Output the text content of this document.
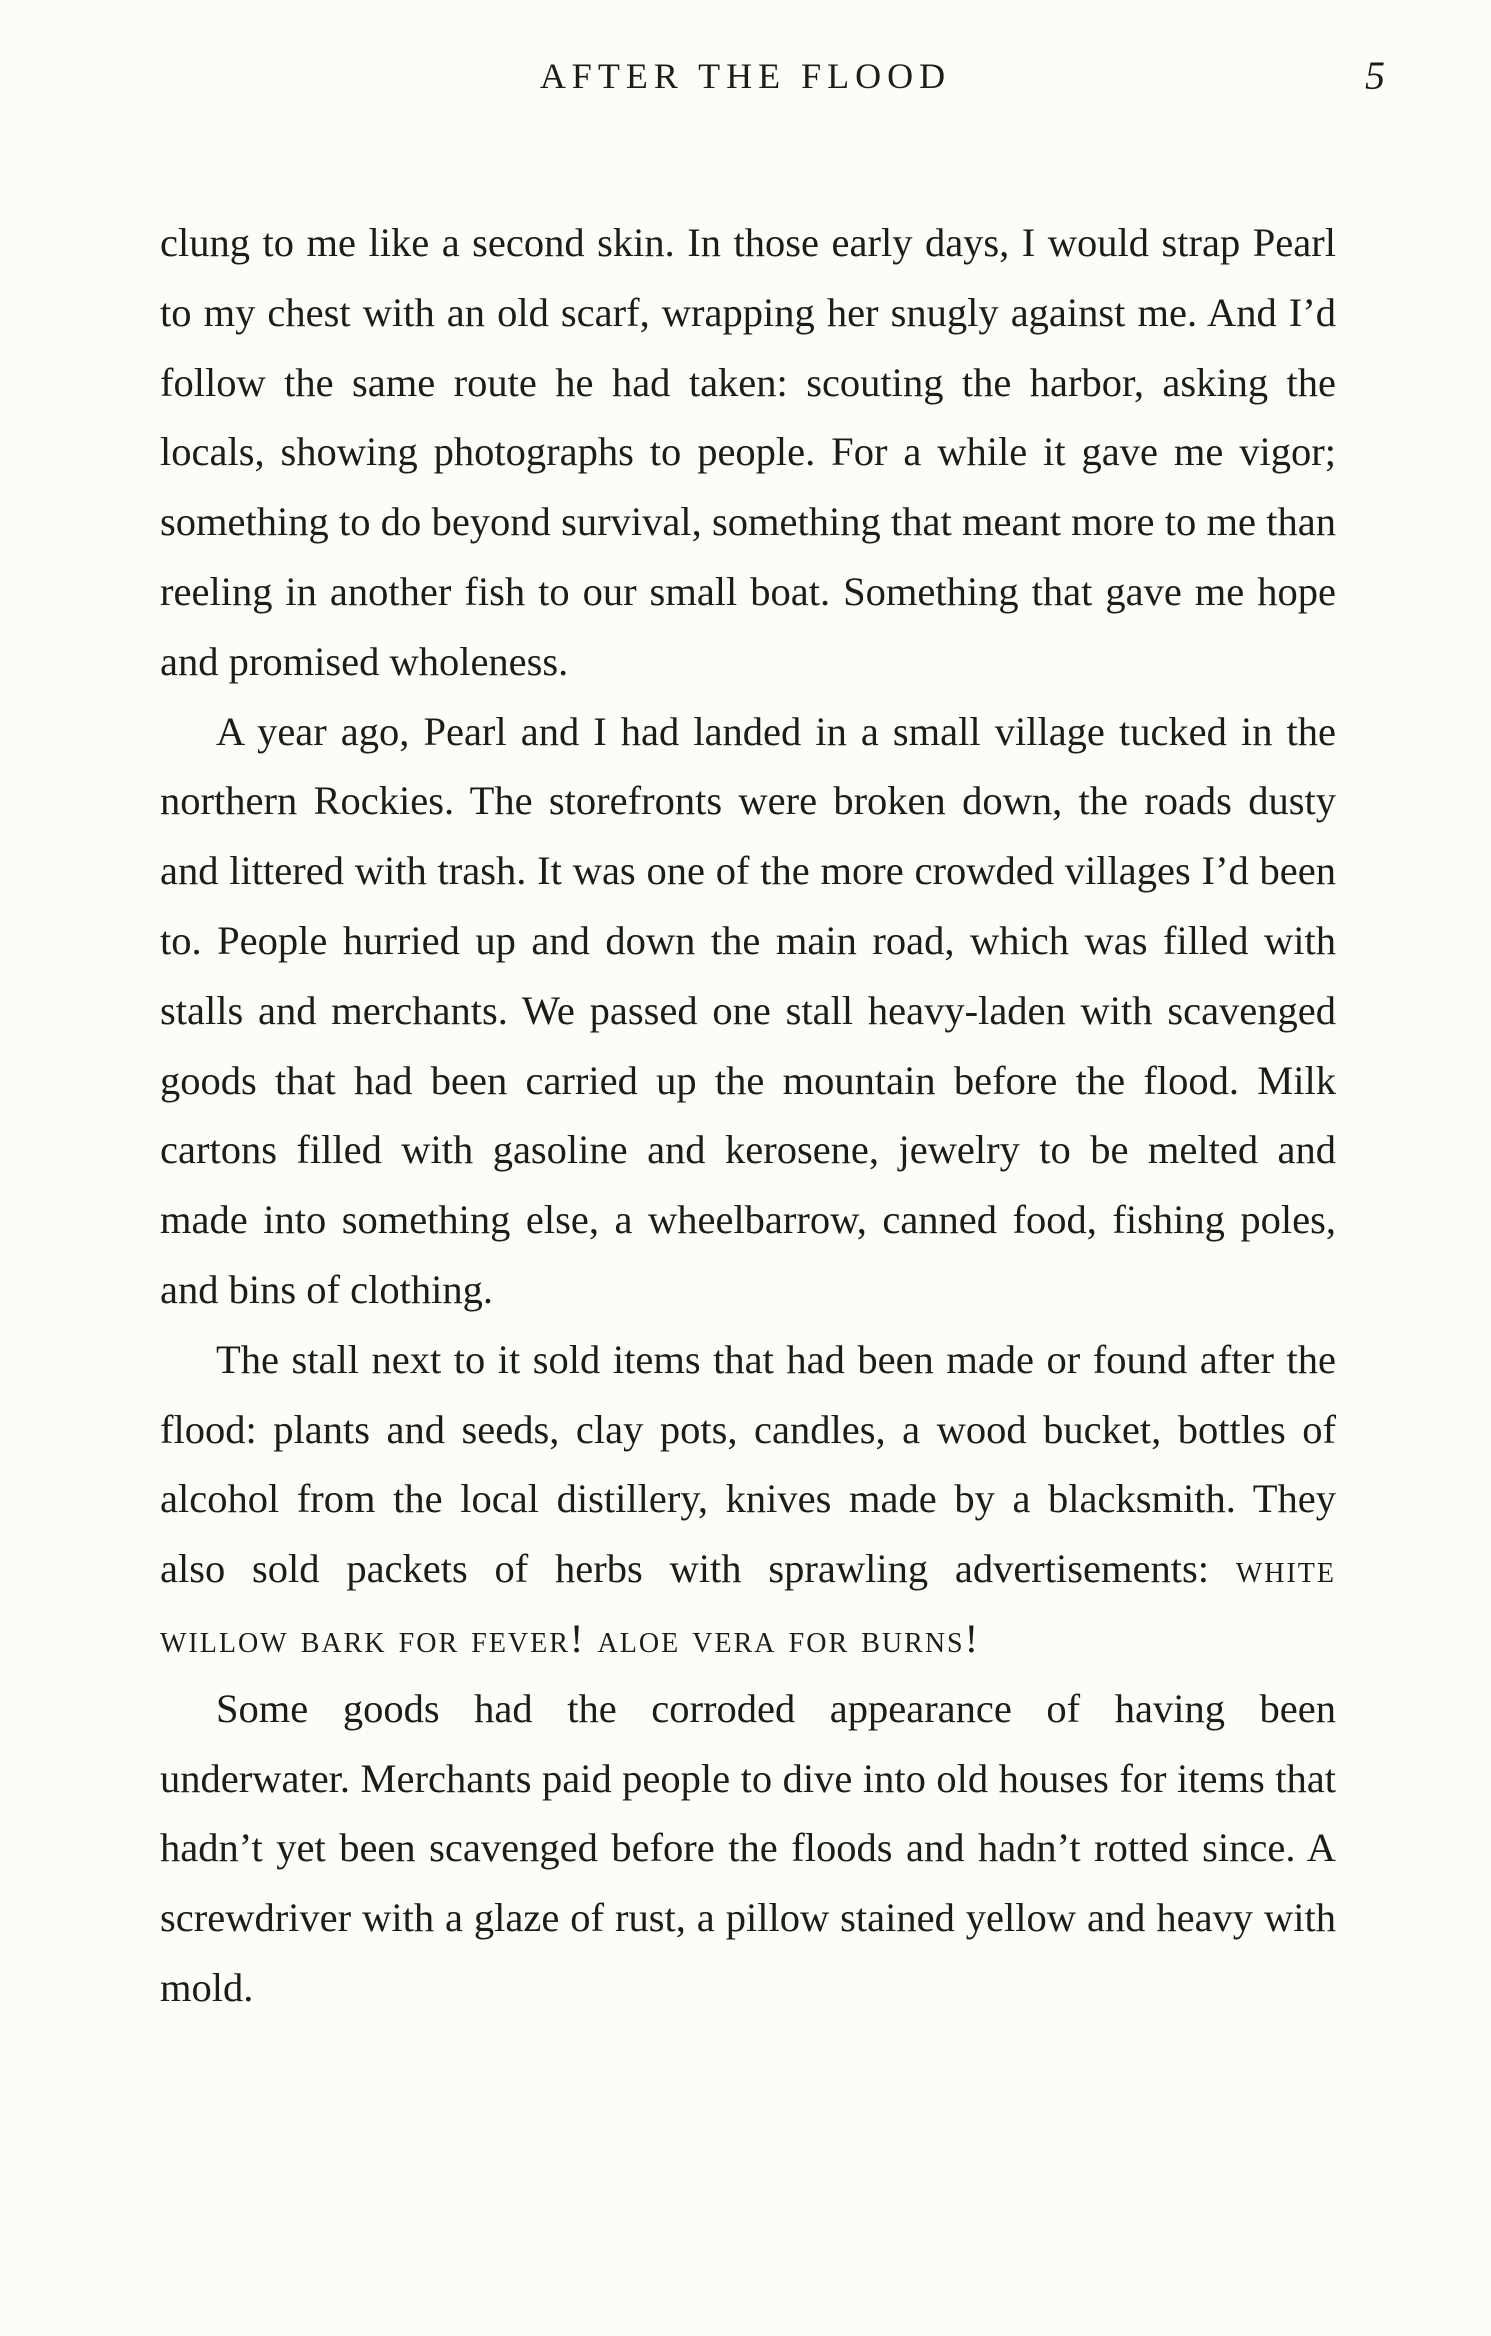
AFTER THE FLOOD	5

clung to me like a second skin. In those early days, I would strap Pearl to my chest with an old scarf, wrapping her snugly against me. And I’d follow the same route he had taken: scouting the harbor, asking the locals, showing photographs to people. For a while it gave me vigor; something to do beyond survival, something that meant more to me than reeling in another fish to our small boat. Something that gave me hope and promised wholeness.

A year ago, Pearl and I had landed in a small village tucked in the northern Rockies. The storefronts were broken down, the roads dusty and littered with trash. It was one of the more crowded villages I’d been to. People hurried up and down the main road, which was filled with stalls and merchants. We passed one stall heavy-laden with scavenged goods that had been carried up the mountain before the flood. Milk cartons filled with gasoline and kerosene, jewelry to be melted and made into something else, a wheelbarrow, canned food, fishing poles, and bins of clothing.

The stall next to it sold items that had been made or found after the flood: plants and seeds, clay pots, candles, a wood bucket, bottles of alcohol from the local distillery, knives made by a blacksmith. They also sold packets of herbs with sprawling advertisements: white willow bark for fever! aloe vera for burns!

Some goods had the corroded appearance of having been underwater. Merchants paid people to dive into old houses for items that hadn’t yet been scavenged before the floods and hadn’t rotted since. A screwdriver with a glaze of rust, a pillow stained yellow and heavy with mold.
